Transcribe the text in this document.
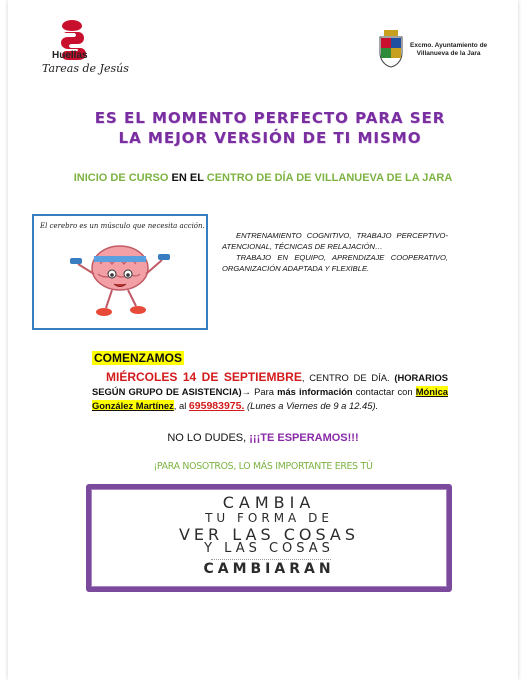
Huellas
Tareas de Jesús
Excmo. Ayuntamiento de
Villanueva de la Jara
ES EL MOMENTO PERFECTO PARA SER
LA MEJOR VERSIÓN DE TI MISMO
INICIO DE CURSO EN EL CENTRO DE DÍA DE VILLANUEVA DE LA JARA
El cerebro es un músculo que necesita acción.

ENTRENAMIENTO COGNITIVO, TRABAJO PERCEPTIVO-ATENCIONAL, TÉCNICAS DE RELAJACIÓN…

TRABAJO EN EQUIPO, APRENDIZAJE COOPERATIVO, ORGANIZACIÓN ADAPTADA Y FLEXIBLE.

COMENZAMOS
MIÉRCOLES 14 DE SEPTIEMBRE, CENTRO DE DÍA. (HORARIOS SEGÚN GRUPO DE ASISTENCIA)→ Para más información contactar con Mónica González Martínez, al 695983975. (Lunes a Viernes de 9 a 12.45).
NO LO DUDES, ¡¡¡TE ESPERAMOS!!!
¡PARA NOSOTROS, LO MÁS IMPORTANTE ERES TÚ
CAMBIA
TU FORMA DE
VER LAS COSAS
Y LAS COSAS
CAMBIARAN
